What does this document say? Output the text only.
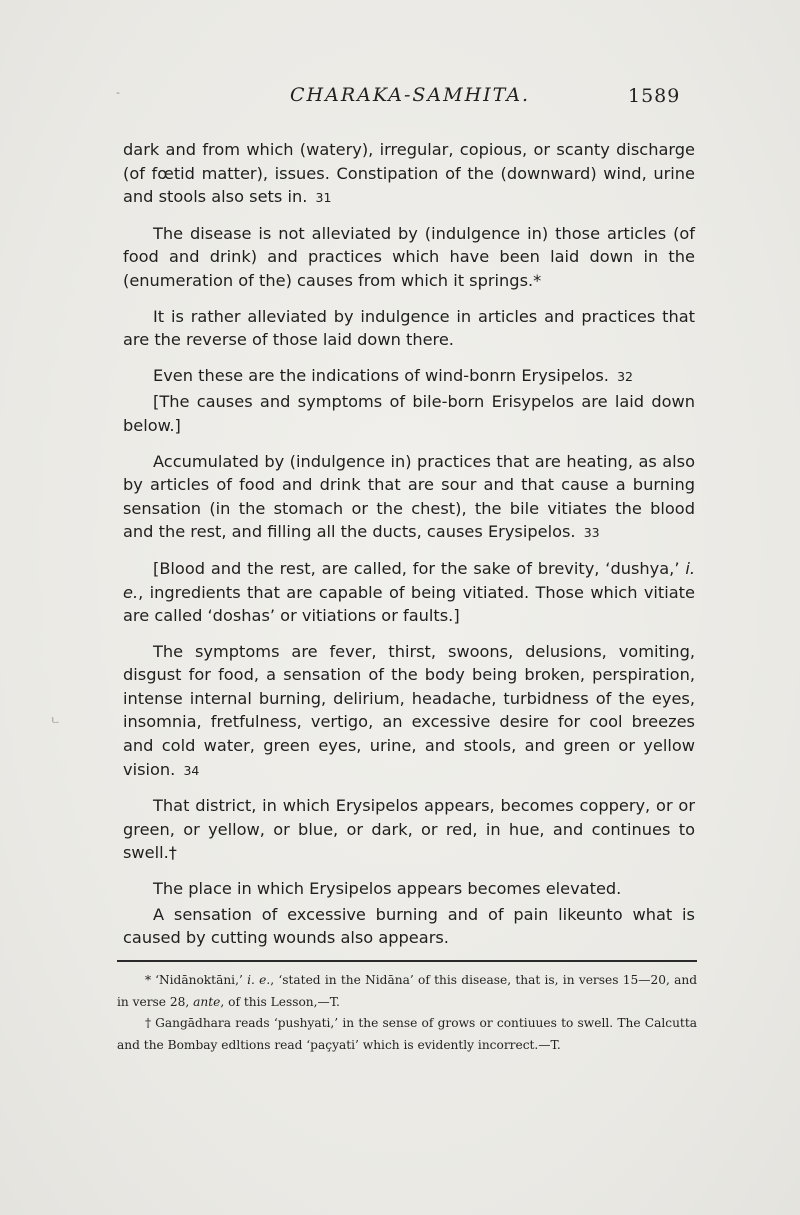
CHARAKA-SAMHITA.	1589

dark and from which (watery), irregular, copious, or scanty discharge (of fœtid matter), issues. Constipation of the (downward) wind, urine and stools also sets in. 31

The disease is not alleviated by (indulgence in) those articles (of food and drink) and practices which have been laid down in the (enumeration of the) causes from which it springs.*

It is rather alleviated by indulgence in articles and practices that are the reverse of those laid down there.

Even these are the indications of wind-bonrn Erysipelos. 32

[The causes and symptoms of bile-born Erisypelos are laid down below.]

Accumulated by (indulgence in) practices that are heating, as also by articles of food and drink that are sour and that cause a burning sensation (in the stomach or the chest), the bile vitiates the blood and the rest, and filling all the ducts, causes Erysipelos. 33

[Blood and the rest, are called, for the sake of brevity, ‘dushya,’ i. e., ingredients that are capable of being vitiated. Those which vitiate are called ‘doshas’ or vitiations or faults.]

The symptoms are fever, thirst, swoons, delusions, vomiting, disgust for food, a sensation of the body being broken, perspiration, intense internal burning, delirium, headache, turbidness of the eyes, insomnia, fretfulness, vertigo, an excessive desire for cool breezes and cold water, green eyes, urine, and stools, and green or yellow vision. 34

That district, in which Erysipelos appears, becomes coppery, or or green, or yellow, or blue, or dark, or red, in hue, and continues to swell.†

The place in which Erysipelos appears becomes elevated.

A sensation of excessive burning and of pain likeunto what is caused by cutting wounds also appears.

* ‘Nidānoktāni,’ i. e., ‘stated in the Nidāna’ of this disease, that is, in verses 15—20, and in verse 28, ante, of this Lesson,—T.

† Gangādhara reads ‘pushyati,’ in the sense of grows or contiuues to swell. The Calcutta and the Bombay edltions read ‘paçyati’ which is evidently incorrect.—T.

-
ㄴ
